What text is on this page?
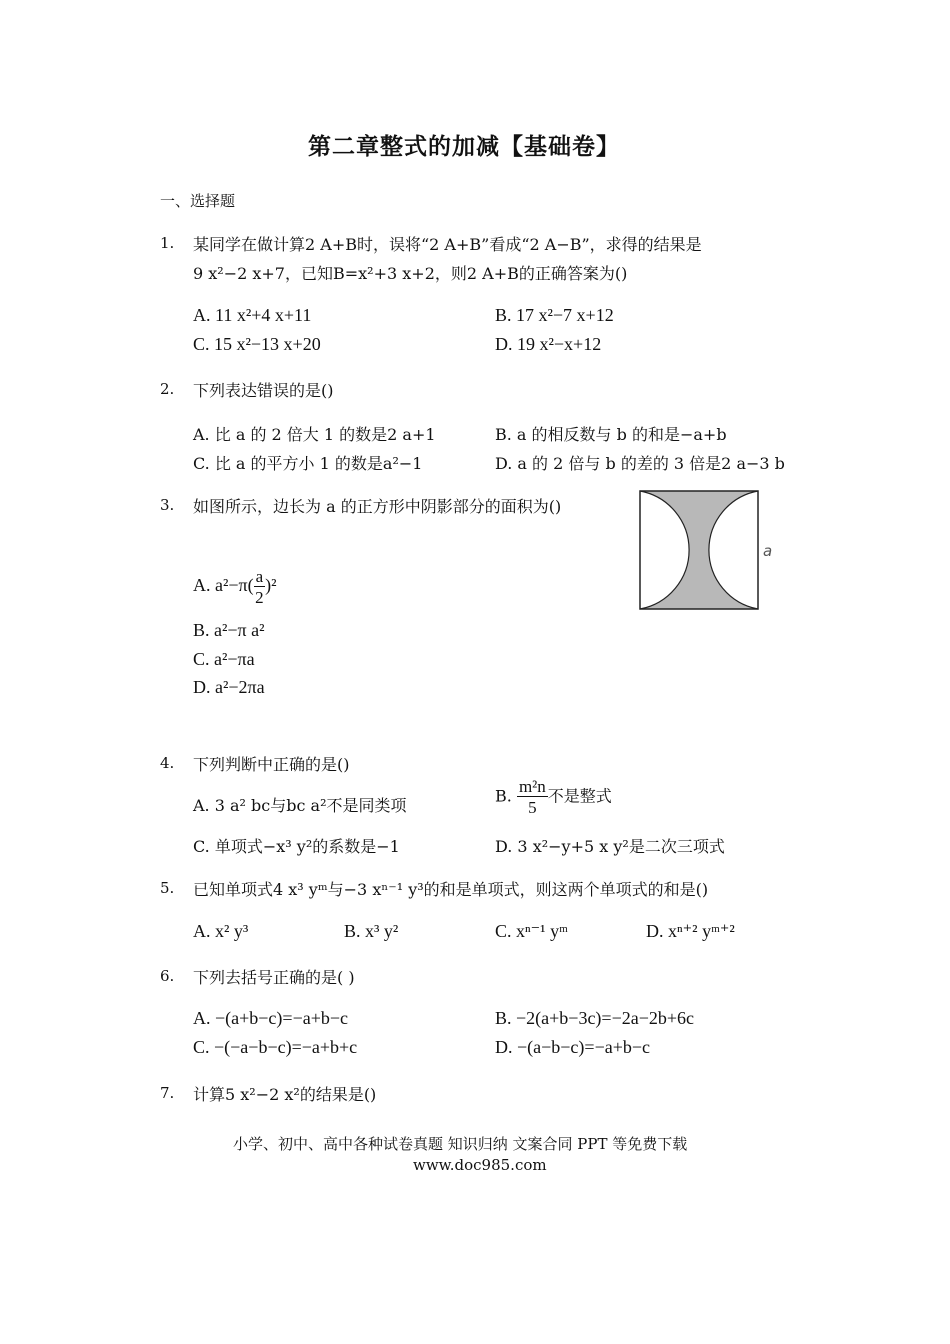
第二章整式的加减【基础卷】
一、选择题
1. 某同学在做计算2 A+B时，误将“2 A+B”看成“2 A−B”，求得的结果是
9 x²−2 x+7，已知B=x²+3 x+2，则2 A+B的正确答案为()
A. 11 x²+4 x+11	B. 17 x²−7 x+12
C. 15 x²−13 x+20	D. 19 x²−x+12
2. 下列表达错误的是()
A. 比 a 的 2 倍大 1 的数是2 a+1	B. a 的相反数与 b 的和是−a+b
C. 比 a 的平方小 1 的数是a²−1	D. a 的 2 倍与 b 的差的 3 倍是2 a−3 b
3. 如图所示，边长为 a 的正方形中阴影部分的面积为()
A. $a^2-\pi( \frac{a}{2} )^2$
B. a²−π a²
C. a²−πa
D. a²−2πa
a
4. 下列判断中正确的是()
A. 3 a² bc与bc a²不是同类项	B. $\frac{\text{m²n}}{5}$ 不是整式
C. 单项式−x³ y²的系数是−1	D. 3 x²−y+5 x y²是二次三项式
5. 已知单项式4 x³ yᵐ与−3 xⁿ⁻¹ y³的和是单项式，则这两个单项式的和是()
A. x² y³	B. x³ y²	C. xⁿ⁻¹ yᵐ	D. xⁿ⁺² yᵐ⁺²
6. 下列去括号正确的是( )
A. −(a+b−c)=−a+b−c	B. −2(a+b−3c)=−2a−2b+6c
C. −(−a−b−c)=−a+b+c	D. −(a−b−c)=−a+b−c
7. 计算5 x²−2 x²的结果是()
小学、初中、高中各种试卷真题 知识归纳 文案合同 PPT 等免费下载
www.doc985.com
